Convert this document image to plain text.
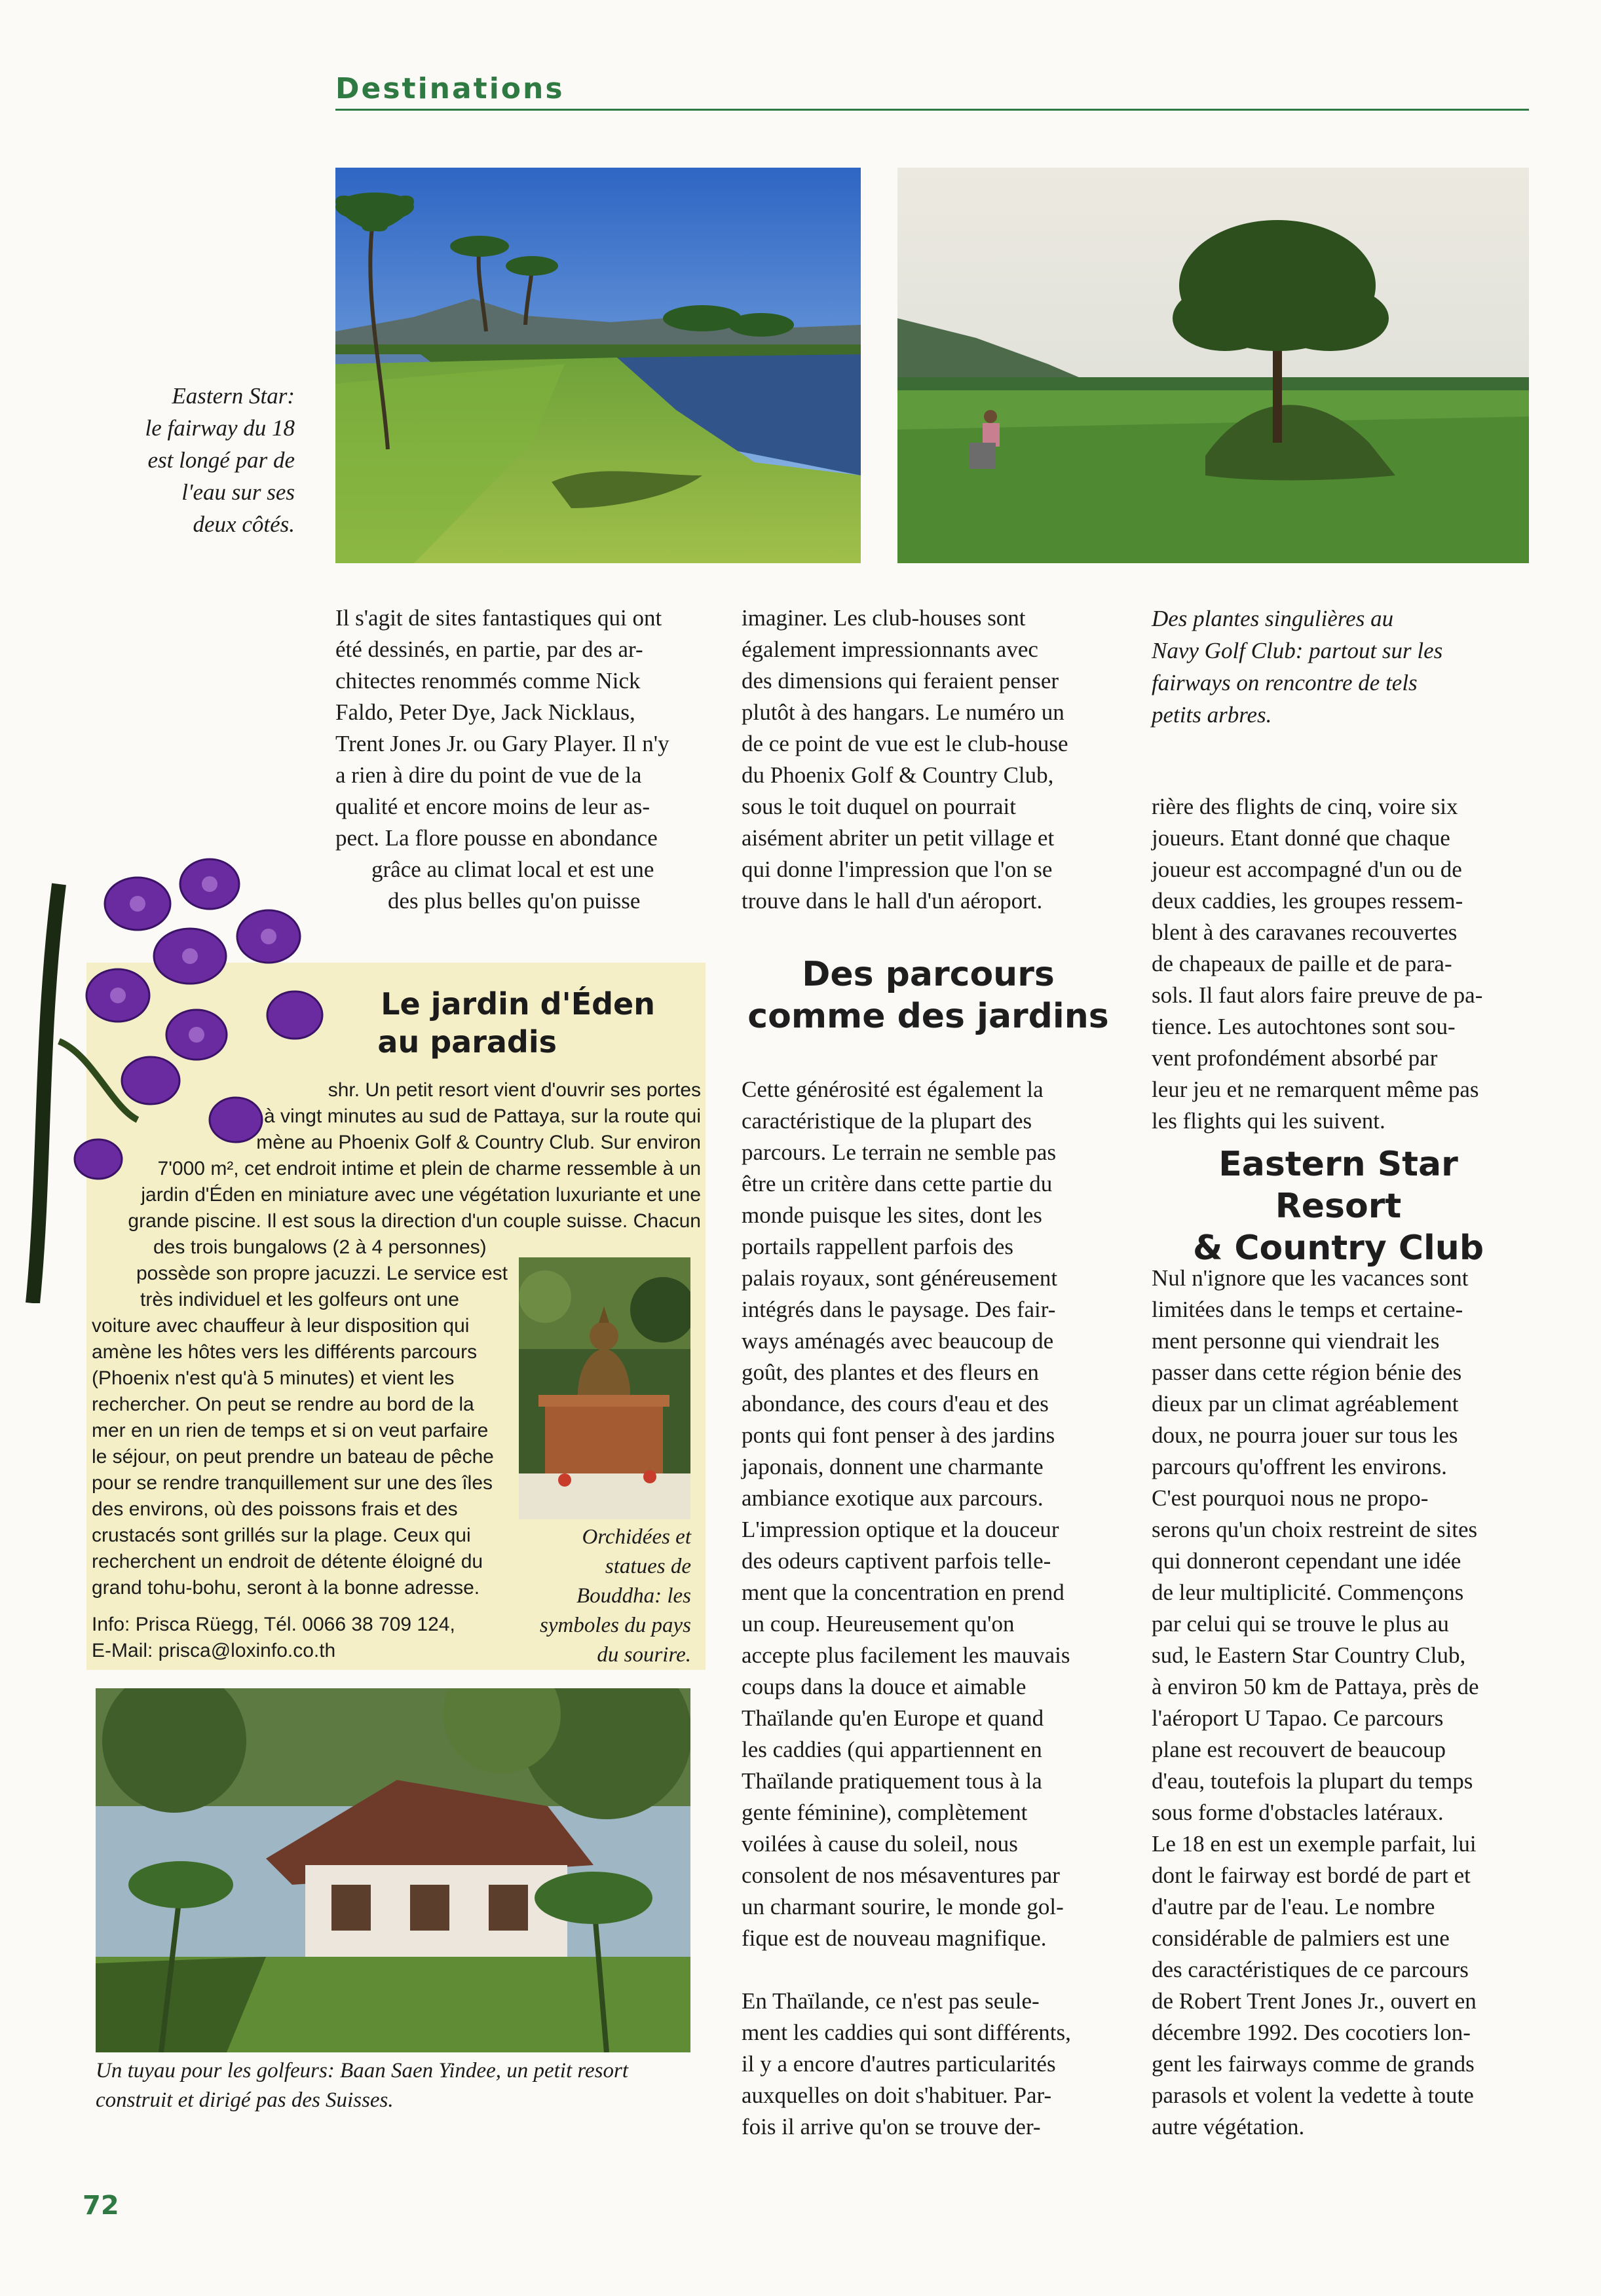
Destinations
Eastern Star:
le fairway du 18
est longé par de
l'eau sur ses
deux côtés.
Des plantes singulières au
Navy Golf Club: partout sur les
fairways on rencontre de tels
petits arbres.

Il s'agit de sites fantastiques qui ont

été dessinés, en partie, par des ar-

chitectes renommés comme Nick

Faldo, Peter Dye, Jack Nicklaus,

Trent Jones Jr. ou Gary Player. Il n'y

a rien à dire du point de vue de la

qualité et encore moins de leur as-

pect. La flore pousse en abondance

grâce au climat local et est une

des plus belles qu'on puisse

Le jardin d'Éden
au paradis
shr. Un petit resort vient d'ouvrir ses portes
à vingt minutes au sud de Pattaya, sur la route qui
mène au Phoenix Golf & Country Club. Sur environ
7'000 m², cet endroit intime et plein de charme ressemble à un
jardin d'Éden en miniature avec une végétation luxuriante et une
grande piscine. Il est sous la direction d'un couple suisse. Chacun
des trois bungalows (2 à 4 personnes)
possède son propre jacuzzi. Le service est
très individuel et les golfeurs ont une
voiture avec chauffeur à leur disposition qui
amène les hôtes vers les différents parcours
(Phoenix n'est qu'à 5 minutes) et vient les
rechercher. On peut se rendre au bord de la
mer en un rien de temps et si on veut parfaire
le séjour, on peut prendre un bateau de pêche
pour se rendre tranquillement sur une des îles
des environs, où des poissons frais et des
crustacés sont grillés sur la plage. Ceux qui
recherchent un endroit de détente éloigné du
grand tohu-bohu, seront à la bonne adresse.
Info: Prisca Rüegg, Tél. 0066 38 709 124,
E-Mail: prisca@loxinfo.co.th
Orchidées et
statues de
Bouddha: les
symboles du pays
du sourire.
Un tuyau pour les golfeurs: Baan Saen Yindee, un petit resort
construit et dirigé pas des Suisses.

imaginer. Les club-houses sont

également impressionnants avec

des dimensions qui feraient penser

plutôt à des hangars. Le numéro un

de ce point de vue est le club-house

du Phoenix Golf & Country Club,

sous le toit duquel on pourrait

aisément abriter un petit village et

qui donne l'impression que l'on se

trouve dans le hall d'un aéroport.

Des parcours
comme des jardins

Cette générosité est également la

caractéristique de la plupart des

parcours. Le terrain ne semble pas

être un critère dans cette partie du

monde puisque les sites, dont les

portails rappellent parfois des

palais royaux, sont généreusement

intégrés dans le paysage. Des fair-

ways aménagés avec beaucoup de

goût, des plantes et des fleurs en

abondance, des cours d'eau et des

ponts qui font penser à des jardins

japonais, donnent une charmante

ambiance exotique aux parcours.

L'impression optique et la douceur

des odeurs captivent parfois telle-

ment que la concentration en prend

un coup. Heureusement qu'on

accepte plus facilement les mauvais

coups dans la douce et aimable

Thaïlande qu'en Europe et quand

les caddies (qui appartiennent en

Thaïlande pratiquement tous à la

gente féminine), complètement

voilées à cause du soleil, nous

consolent de nos mésaventures par

un charmant sourire, le monde gol-

fique est de nouveau magnifique.

En Thaïlande, ce n'est pas seule-

ment les caddies qui sont différents,

il y a encore d'autres particularités

auxquelles on doit s'habituer. Par-

fois il arrive qu'on se trouve der-

rière des flights de cinq, voire six

joueurs. Etant donné que chaque

joueur est accompagné d'un ou de

deux caddies, les groupes ressem-

blent à des caravanes recouvertes

de chapeaux de paille et de para-

sols. Il faut alors faire preuve de pa-

tience. Les autochtones sont sou-

vent profondément absorbé par

leur jeu et ne remarquent même pas

les flights qui les suivent.

Eastern Star Resort
& Country Club

Nul n'ignore que les vacances sont

limitées dans le temps et certaine-

ment personne qui viendrait les

passer dans cette région bénie des

dieux par un climat agréablement

doux, ne pourra jouer sur tous les

parcours qu'offrent les environs.

C'est pourquoi nous ne propo-

serons qu'un choix restreint de sites

qui donneront cependant une idée

de leur multiplicité. Commençons

par celui qui se trouve le plus au

sud, le Eastern Star Country Club,

à environ 50 km de Pattaya, près de

l'aéroport U Tapao. Ce parcours

plane est recouvert de beaucoup

d'eau, toutefois la plupart du temps

sous forme d'obstacles latéraux.

Le 18 en est un exemple parfait, lui

dont le fairway est bordé de part et

d'autre par de l'eau. Le nombre

considérable de palmiers est une

des caractéristiques de ce parcours

de Robert Trent Jones Jr., ouvert en

décembre 1992. Des cocotiers lon-

gent les fairways comme de grands

parasols et volent la vedette à toute

autre végétation.

72
